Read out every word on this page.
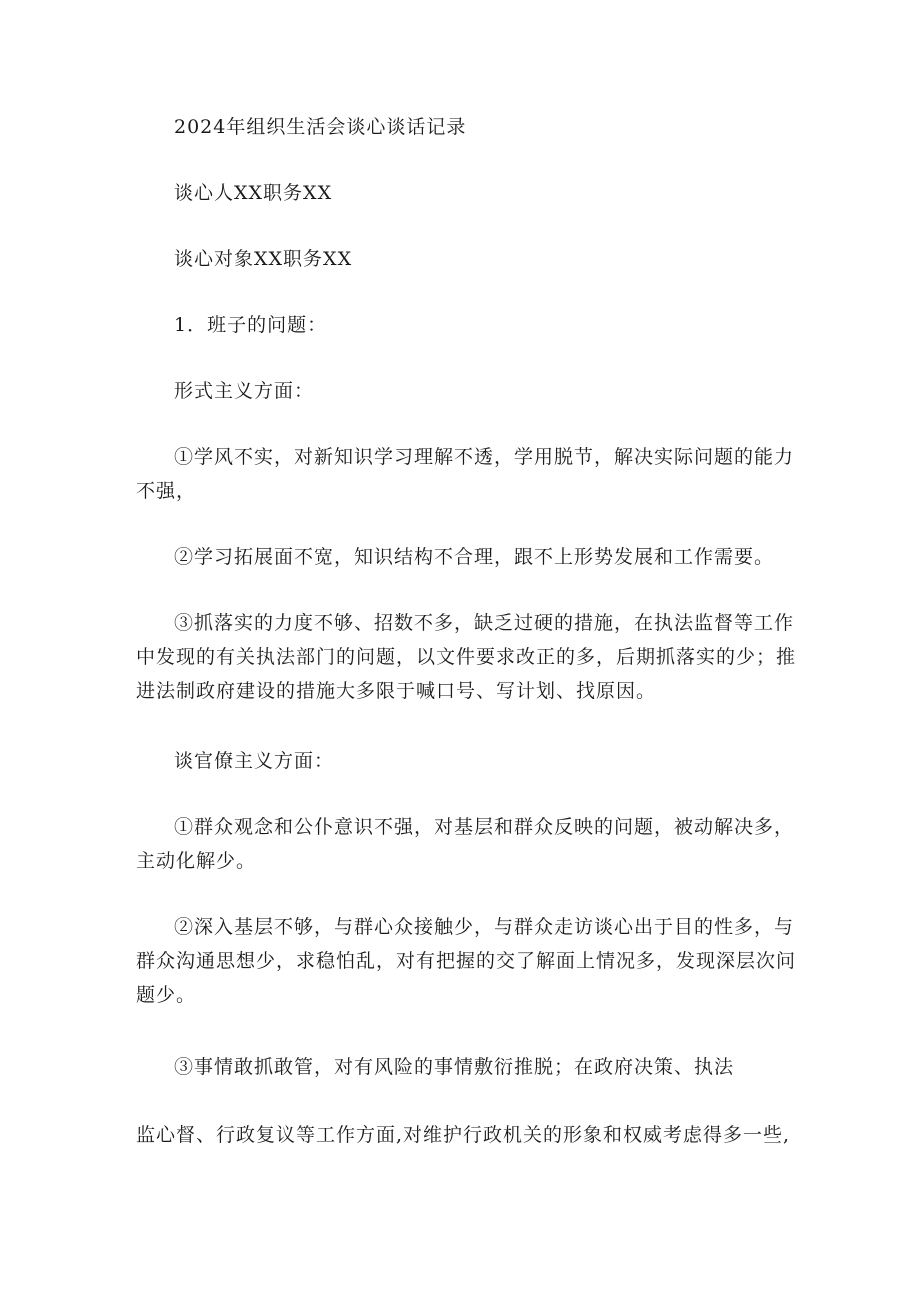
2024年组织生活会谈心谈话记录

谈心人XX职务XX

谈心对象XX职务XX

1．班子的问题：

形式主义方面：

①学风不实，对新知识学习理解不透，学用脱节，解决实际问题的能力不强，

②学习拓展面不宽，知识结构不合理，跟不上形势发展和工作需要。

③抓落实的力度不够、招数不多，缺乏过硬的措施，在执法监督等工作中发现的有关执法部门的问题，以文件要求改正的多，后期抓落实的少；推进法制政府建设的措施大多限于喊口号、写计划、找原因。

谈官僚主义方面：

①群众观念和公仆意识不强，对基层和群众反映的问题，被动解决多，主动化解少。

②深入基层不够，与群心众接触少，与群众走访谈心出于目的性多，与群众沟通思想少，求稳怕乱，对有把握的交了解面上情况多，发现深层次问题少。

③事情敢抓敢管，对有风险的事情敷衍推脱；在政府决策、执法

监心督、行政复议等工作方面,对维护行政机关的形象和权威考虑得多一些,
